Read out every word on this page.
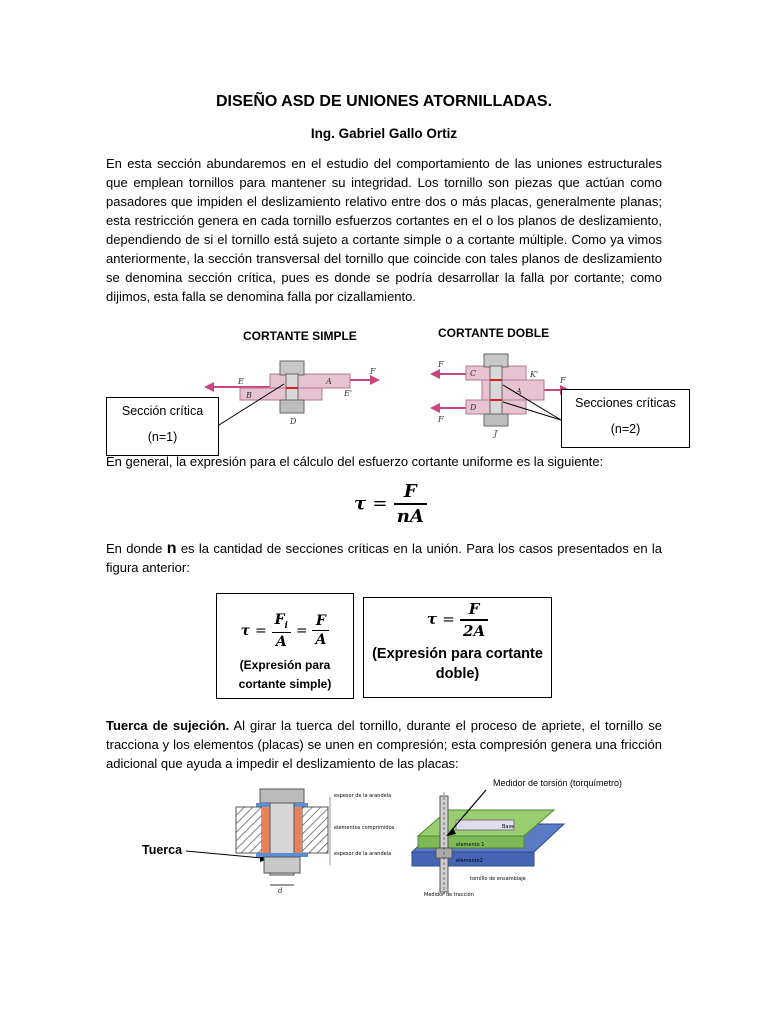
DISEÑO ASD DE UNIONES ATORNILLADAS.
Ing. Gabriel Gallo Ortiz
En esta sección abundaremos en el estudio del comportamiento de las uniones estructurales que emplean tornillos para mantener su integridad. Los tornillo son piezas que actúan como pasadores que impiden el deslizamiento relativo entre dos o más placas, generalmente planas; esta restricción genera en cada tornillo esfuerzos cortantes en el o los planos de deslizamiento, dependiendo de si el tornillo está sujeto a cortante simple o a cortante múltiple. Como ya vimos anteriormente, la sección transversal del tornillo que coincide con tales planos de deslizamiento se denomina sección crítica, pues es donde se podría desarrollar la falla por cortante; como dijimos, esta falla se denomina falla por cizallamiento.
CORTANTE SIMPLE	CORTANTE DOBLE
E
B
A
E'
D
F
F
F
C
D
A
K'
J
F
Sección crítica
(n=1)
Secciones críticas
(n=2)
En general, la expresión para el cálculo del esfuerzo cortante uniforme es la siguiente:
$\tau = \frac{F}{nA}$
En donde n es la cantidad de secciones críticas en la unión. Para los casos presentados en la figura anterior:
$\tau = \frac{F_i}{A} = \frac{F}{A}$
(Expresión para
cortante simple)
$\tau = \frac{F}{2A}$
(Expresión para cortante
doble)
Tuerca de sujeción. Al girar la tuerca del tornillo, durante el proceso de apriete, el tornillo se tracciona y los elementos (placas) se unen en compresión; esta compresión genera una fricción adicional que ayuda a impedir el deslizamiento de las placas:
Tuerca
d
espesor de la arandela
elementos comprimidos
espesor de la arandela
Medidor de torsión (torquímetro)
Base
elemento 1
elemento2
tornillo de ensamblaje
Medidor de tracción
